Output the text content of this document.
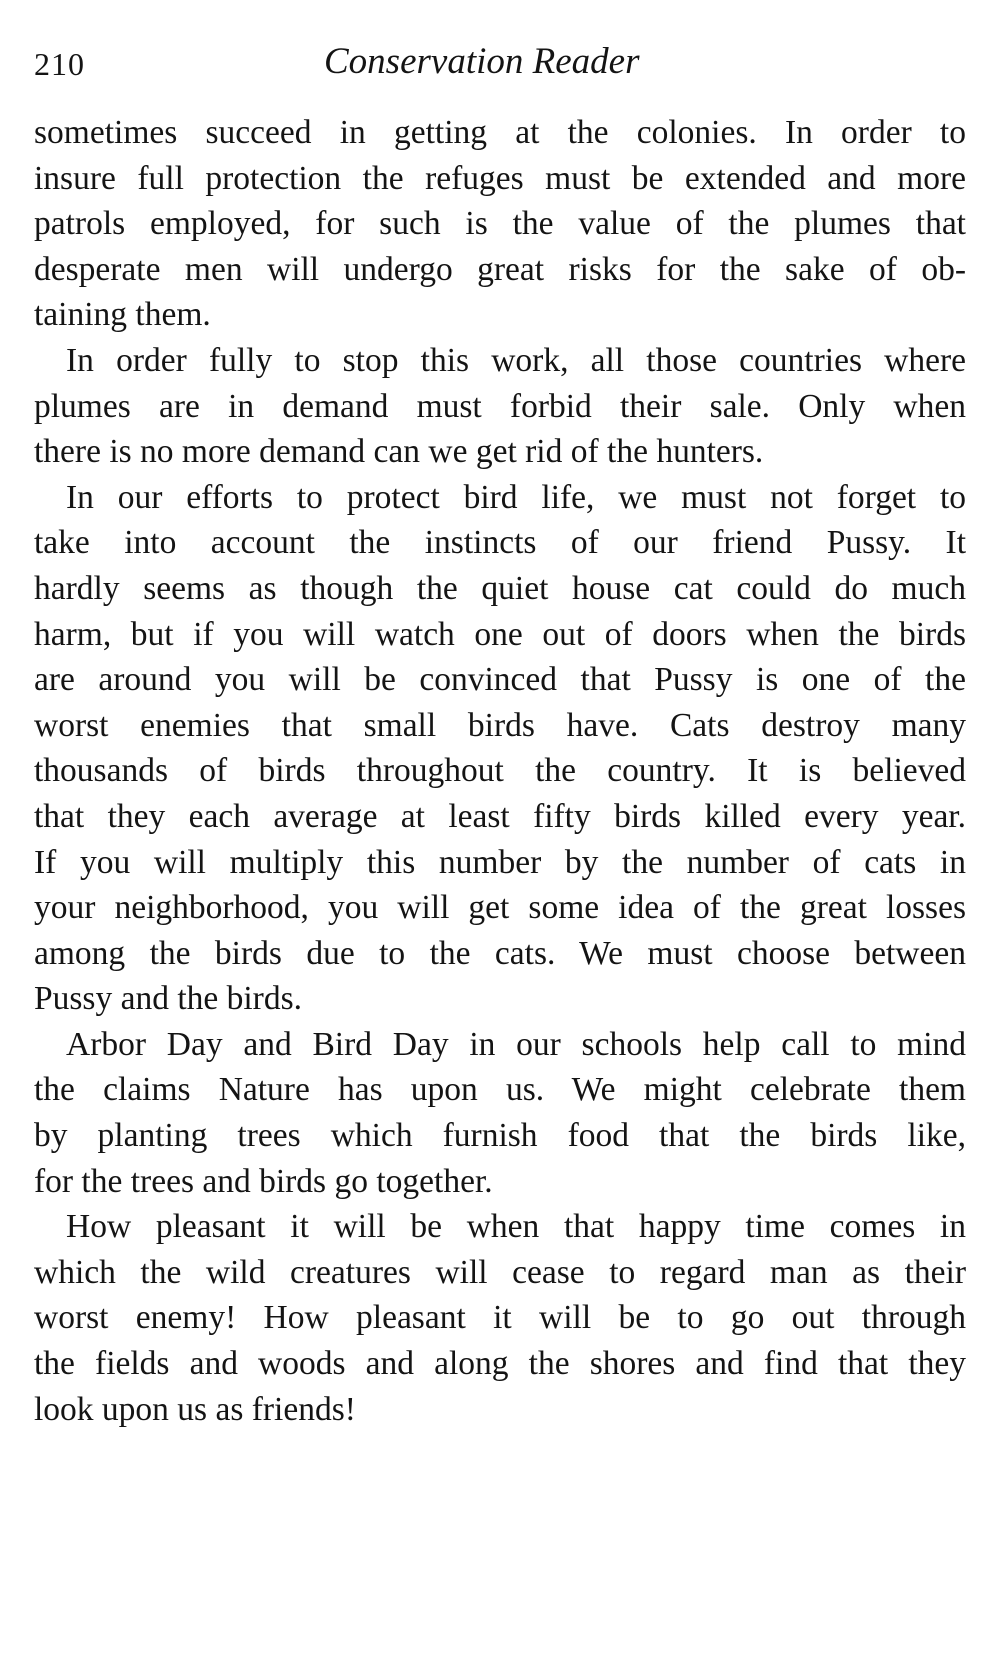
210	Conservation Reader
sometimes succeed in getting at the colonies. In order to
insure full protection the refuges must be extended and more
patrols employed, for such is the value of the plumes that
desperate men will undergo great risks for the sake of ob-
taining them.
In order fully to stop this work, all those countries where
plumes are in demand must forbid their sale. Only when
there is no more demand can we get rid of the hunters.
In our efforts to protect bird life, we must not forget to
take into account the instincts of our friend Pussy. It
hardly seems as though the quiet house cat could do much
harm, but if you will watch one out of doors when the birds
are around you will be convinced that Pussy is one of the
worst enemies that small birds have. Cats destroy many
thousands of birds throughout the country. It is believed
that they each average at least fifty birds killed every year.
If you will multiply this number by the number of cats in
your neighborhood, you will get some idea of the great losses
among the birds due to the cats. We must choose between
Pussy and the birds.
Arbor Day and Bird Day in our schools help call to mind
the claims Nature has upon us. We might celebrate them
by planting trees which furnish food that the birds like,
for the trees and birds go together.
How pleasant it will be when that happy time comes in
which the wild creatures will cease to regard man as their
worst enemy! How pleasant it will be to go out through
the fields and woods and along the shores and find that they
look upon us as friends!
